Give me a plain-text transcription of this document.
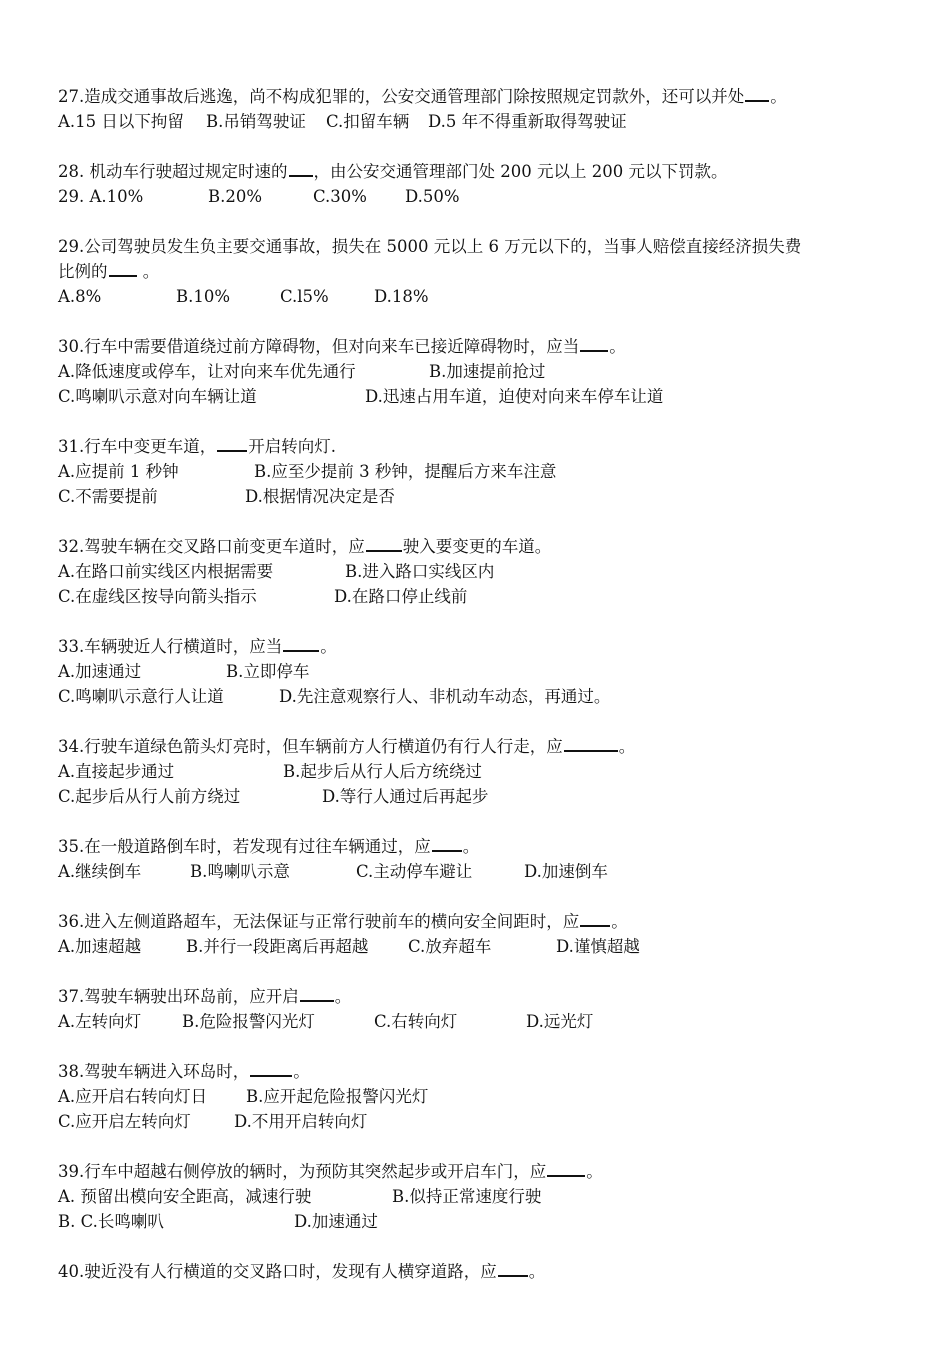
27.造成交通事故后逃逸，尚不构成犯罪的，公安交通管理部门除按照规定罚款外，还可以并处 。
A.15 日以下拘留 B.吊销驾驶证 C.扣留车辆 D.5 年不得重新取得驾驶证
28. 机动车行驶超过规定时速的 ，由公安交通管理部门处 200 元以上 200 元以下罚款。
29. A.10%	B.20%	C.30% D.50%
29.公司驾驶员发生负主要交通事故，损失在 5000 元以上 6 万元以下的，当事人赔偿直接经济损失费
比例的 。
A.8%	B.10%	C.l5%	D.18%
30.行车中需要借道绕过前方障碍物，但对向来车已接近障碍物时，应当 。
A.降低速度或停车，让对向来车优先通行	B.加速提前抢过
C.鸣喇叭示意对向车辆让道	D.迅速占用车道，迫使对向来车停车让道
31.行车中变更车道， 开启转向灯.
A.应提前 1 秒钟	B.应至少提前 3 秒钟，提醒后方来车注意
C.不需要提前	D.根据情况决定是否
32.驾驶车辆在交叉路口前变更车道时，应 驶入要变更的车道。
A.在路口前实线区内根据需要	B.进入路口实线区内
C.在虚线区按导向箭头指示	D.在路口停止线前
33.车辆驶近人行横道时，应当 。
A.加速通过	B.立即停车
C.鸣喇叭示意行人让道	D.先注意观察行人、非机动车动态，再通过。
34.行驶车道绿色箭头灯亮时，但车辆前方人行横道仍有行人行走，应	。
A.直接起步通过	B.起步后从行人后方统绕过
C.起步后从行人前方绕过	D.等行人通过后再起步
35.在一般道路倒车时，若发现有过往车辆通过，应 。
A.继续倒车	B.鸣喇叭示意	C.主动停车避让	D.加速倒车
36.进入左侧道路超车，无法保证与正常行驶前车的横向安全间距时，应 。
A.加速超越	B.并行一段距离后再超越 C.放弃超车	D.谨慎超越
37.驾驶车辆驶出环岛前，应开启 。
A.左转向灯 B.危险报警闪光灯	C.右转向灯	D.远光灯
38.驾驶车辆进入环岛时，	。
A.应开启右转向灯日 B.应开起危险报警闪光灯
C.应开启左转向灯	D.不用开启转向灯
39.行车中超越右侧停放的辆时，为预防其突然起步或开启车门，应 。
A. 预留出模向安全距高，减速行驶	B.似持正常速度行驶
B. C.长鸣喇叭	D.加速通过
40.驶近没有人行横道的交叉路口时，发现有人横穿道路，应 。
